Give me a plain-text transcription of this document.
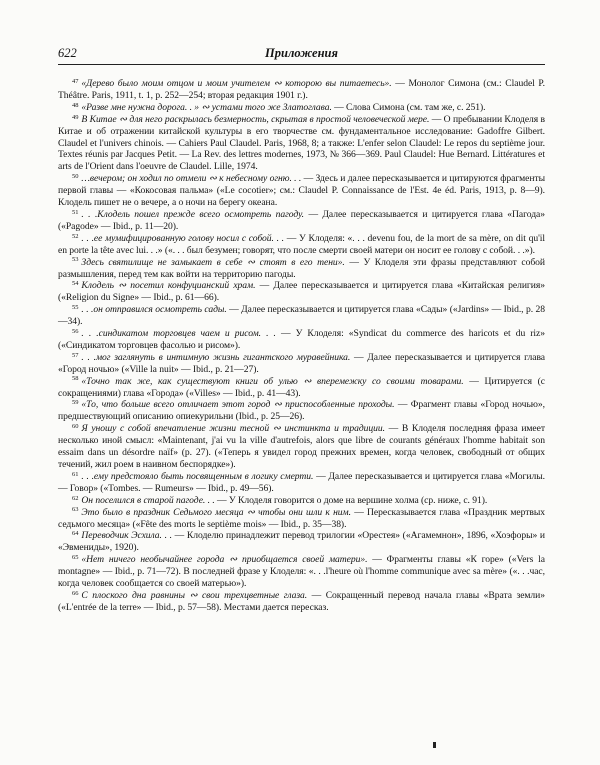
622	Приложения

$^{47}$ «Дерево было моим отцом и моим учителем ∾ которою вы питаетесь». — Монолог Симона (см.: Claudel P. Théâtre. Paris, 1911, t. 1, p. 252—254; вторая редакция 1901 г.).

$^{48}$ «Разве мне нужна дорога. . » ∾ устами того же Златоглава. — Слова Симона (см. там же, с. 251).

$^{49}$ В Китае ∾ для него раскрылась безмерность, скрытая в простой человеческой мере. — О пребывании Клоделя в Китае и об отражении китайской культуры в его творчестве см. фундаментальное исследование: Gadoffre Gilbert. Claudel et l'univers chinois. — Cahiers Paul Claudel. Paris, 1968, 8; а также: L'enfer selon Claudel: Le repos du septième jour. Textes réunis par Jacques Petit. — La Rev. des lettres modernes, 1973, № 366—369. Paul Claudel: Hue Bernard. Littératures et arts de l'Orient dans l'oeuvre de Claudel. Lille, 1974.

$^{50}$ …вечером; он ходил по отмели ∾ к небесному огню. . . — Здесь и далее пересказывается и цитируются фрагменты первой главы — «Кокосовая пальма» («Le cocotier»; см.: Claudel P. Connaissance de l'Est. 4e éd. Paris, 1913, p. 8—9). Клодель пишет не о вечере, а о ночи на берегу океана.

$^{51}$ . . .Клодель пошел прежде всего осмотреть пагоду. — Далее пересказывается и цитируется глава «Пагода» («Pagode» — Ibid., p. 11—20).

$^{52}$ . . .ее мумифицированную голову носил с собой. . . — У Клоделя: «. . . devenu fou, de la mort de sa mère, on dit qu'il en porte la tête avec lui. . .» («. . . был безумен; говорят, что после смерти своей матери он носит ее голову с собой. . .»).

$^{53}$ Здесь святилище не замыкает в себе ∾ стоят в его тени». — У Клоделя эти фразы представляют собой размышления, перед тем как войти на территорию пагоды.

$^{54}$ Клодель ∾ посетил конфуцианский храм. — Далее пересказывается и цитируется глава «Китайская религия» («Religion du Signe» — Ibid., p. 61—66).

$^{55}$ . . .он отправился осмотреть сады. — Далее пересказывается и цитируется глава «Сады» («Jardins» — Ibid., p. 28—34).

$^{56}$ . . .синдикатом торговцев чаем и рисом. . . — У Клоделя: «Syndicat du commerce des haricots et du riz» («Синдикатом торговцев фасолью и рисом»).

$^{57}$ . . .мог заглянуть в интимную жизнь гигантского муравейника. — Далее пересказывается и цитируется глава «Город ночью» («Ville la nuit» — Ibid., p. 21—27).

$^{58}$ «Точно так же, как существуют книги об улью ∾ вперемежку со своими товарами. — Цитируется (с сокращениями) глава «Города» («Villes» — Ibid., p. 41—43).

$^{59}$ «То, что больше всего отличает этот город ∾ приспособленные проходы. — Фрагмент главы «Город ночью», предшествующий описанию опиекурильни (Ibid., p. 25—26).

$^{60}$ Я уношу с собой впечатление жизни тесной ∾ инстинкта и традиции. — В Клоделя последняя фраза имеет несколько иной смысл: «Maintenant, j'ai vu la ville d'autrefois, alors que libre de courants généraux l'homme habitait son essaim dans un désordre naïf» (p. 27). («Теперь я увидел город прежних времен, когда человек, свободный от общих течений, жил роем в наивном беспорядке»).

$^{61}$ . . .ему предстояло быть посвященным в логику смерти. — Далее пересказывается и цитируется глава «Могилы. — Говор» («Tombes. — Rumeurs» — Ibid., p. 49—56).

$^{62}$ Он поселился в старой пагоде. . . — У Клоделя говорится о доме на вершине холма (ср. ниже, с. 91).

$^{63}$ Это было в праздник Седьмого месяца ∾ чтобы они шли к ним. — Пересказывается глава «Праздник мертвых седьмого месяца» («Fête des morts le septième mois» — Ibid., p. 35—38).

$^{64}$ Переводчик Эсхила. . . — Клоделю принадлежит перевод трилогии «Орестея» («Агамемнон», 1896, «Хоэфоры» и «Эвмениды», 1920).

$^{65}$ «Нет ничего необычайнее города ∾ приобщается своей матери». — Фрагменты главы «К горе» («Vers la montagne» — Ibid., p. 71—72). В последней фразе у Клоделя: «. . .l'heure où l'homme communique avec sa mère» («. . .час, когда человек сообщается со своей матерью»).

$^{66}$ С плоского дна равнины ∾ свои трехцветные глаза. — Сокращенный перевод начала главы «Врата земли» («L'entrée de la terre» — Ibid., p. 57—58). Местами дается пересказ.
